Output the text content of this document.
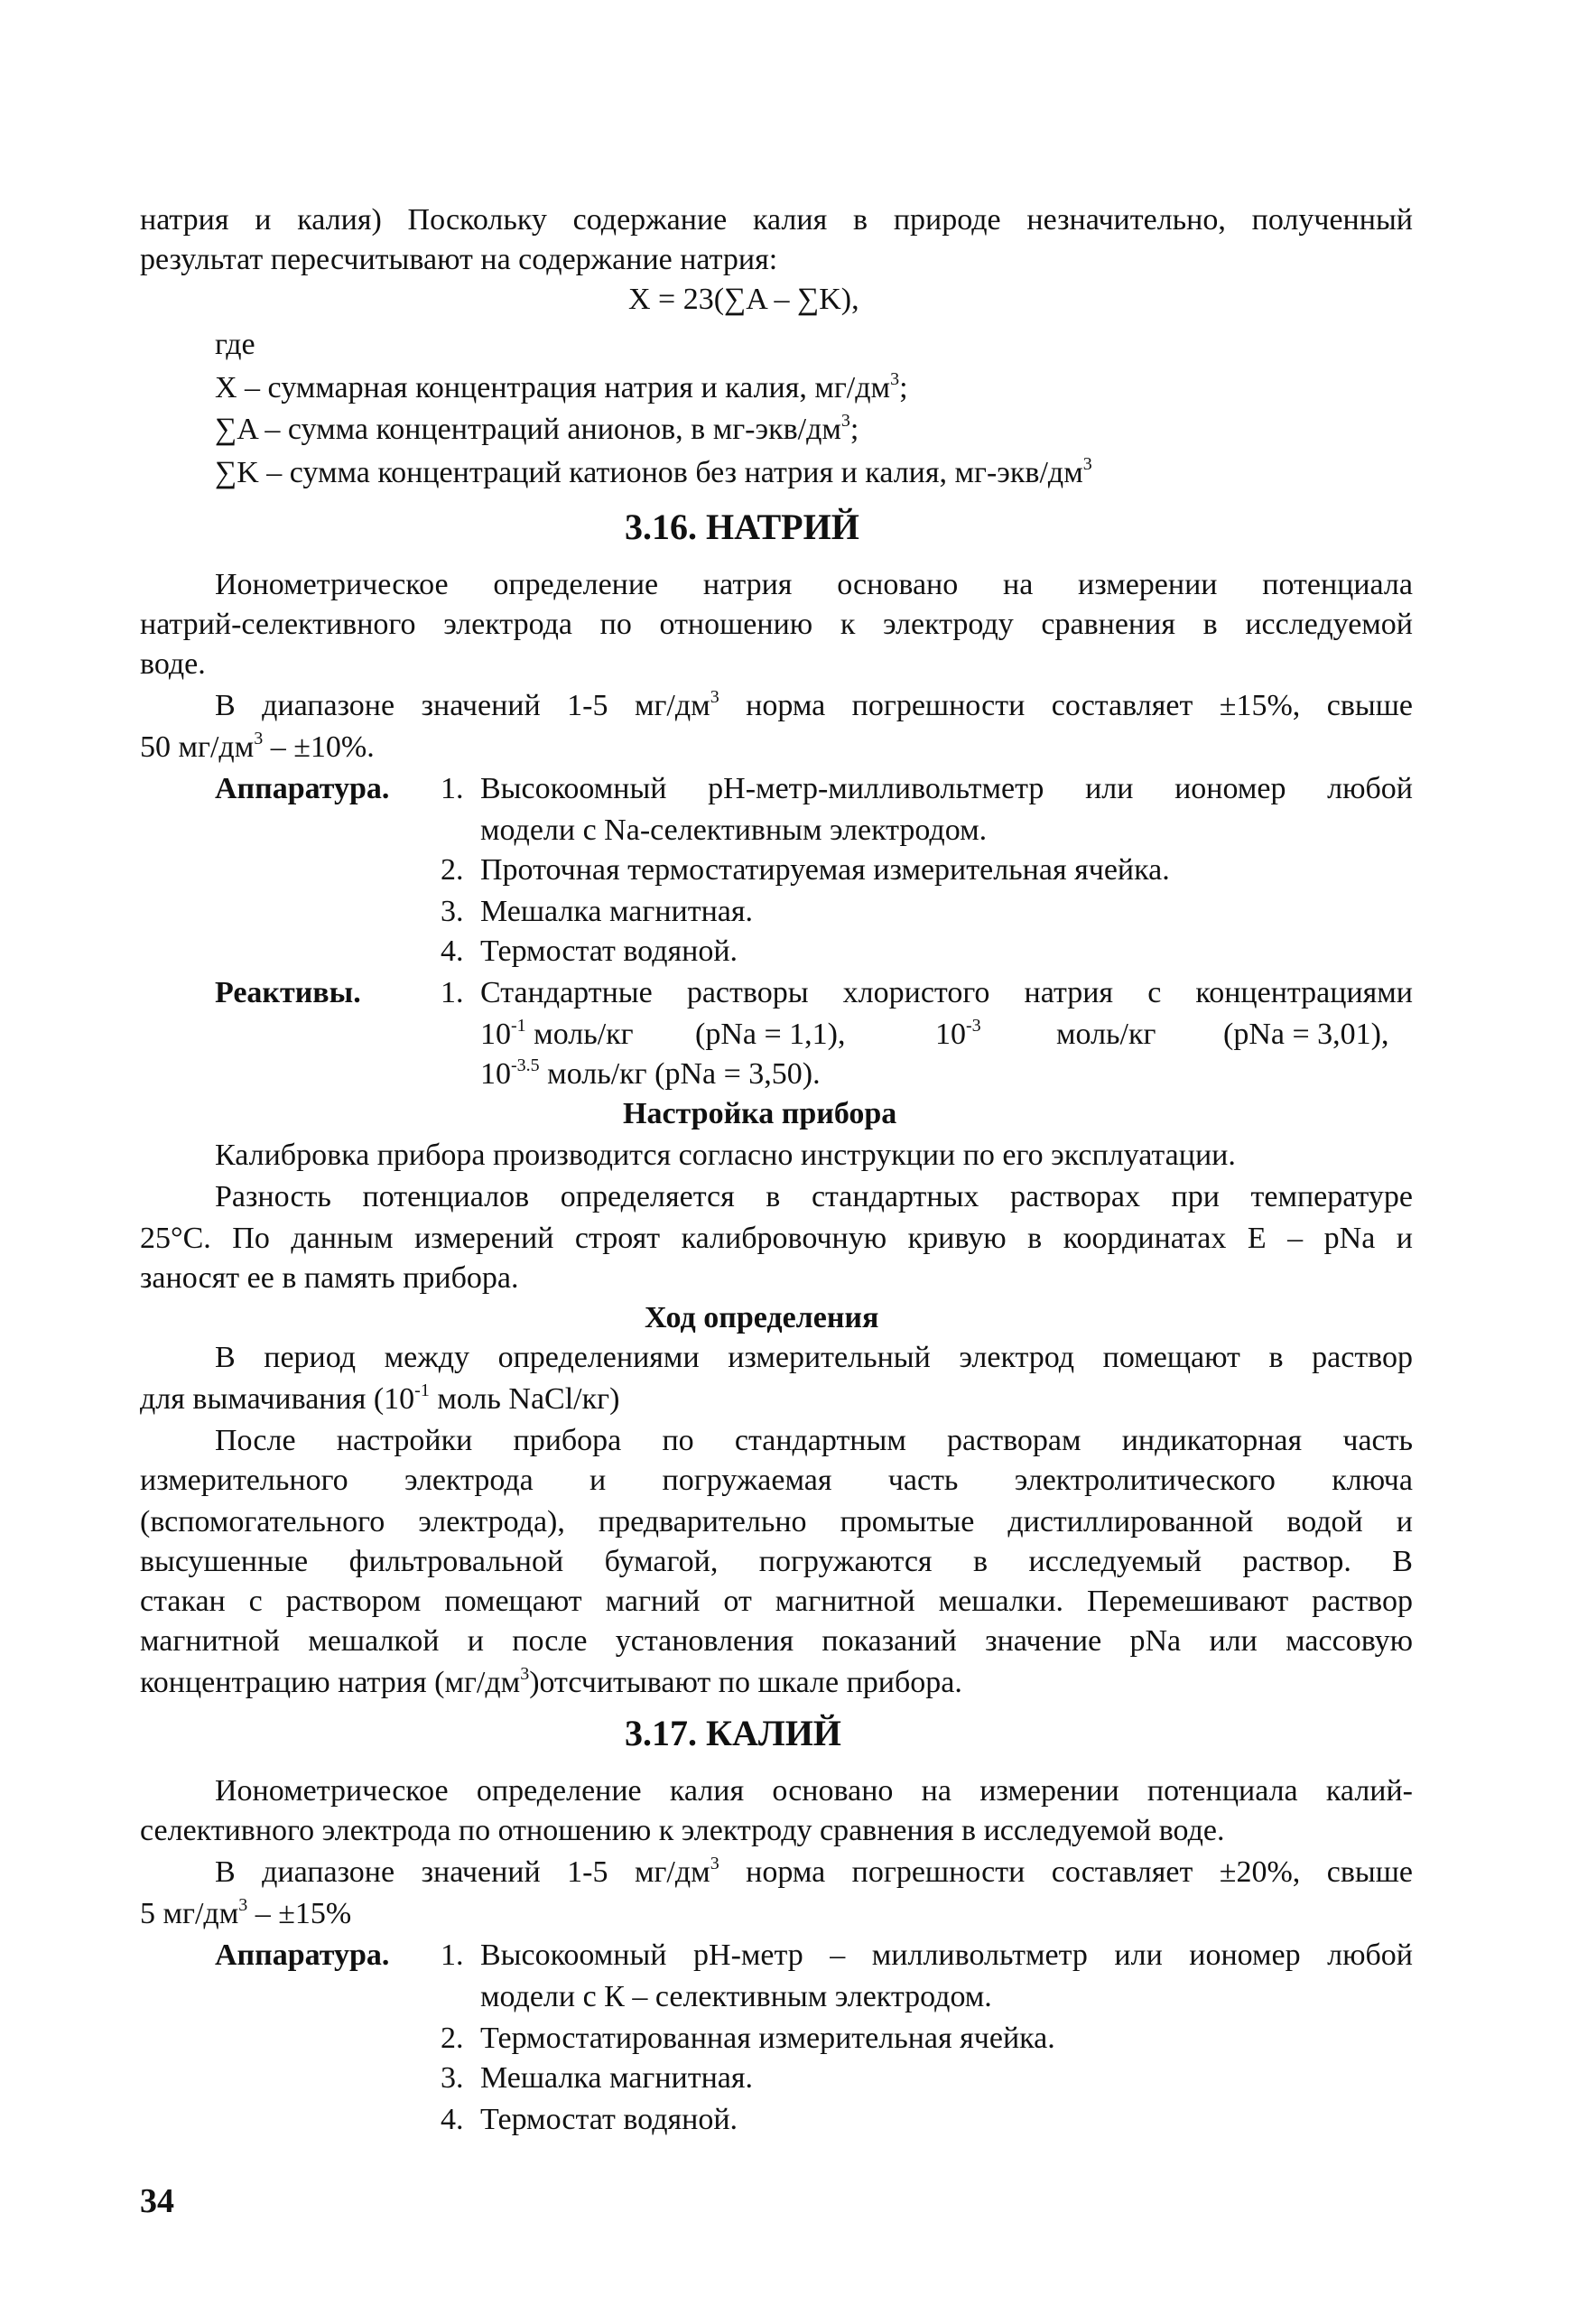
натрия и калия) Поскольку содержание калия в природе незначительно, полученный
результат пересчитывают на содержание натрия:
X = 23(∑A – ∑K),
где
X – суммарная концентрация натрия и калия, $мг/дм^3$;
∑A – сумма концентраций анионов, в $мг-экв/дм^3$;
∑K – сумма концентраций катионов без натрия и калия, $мг-экв/дм^3$
3.16. НАТРИЙ
Ионометрическое определение натрия основано на измерении потенциала
натрий-селективного электрода по отношению к электроду сравнения в исследуемой
воде.
В диапазоне значений 1-5 $мг/дм^3$ норма погрешности составляет ±15%, свыше
50 $мг/дм^3 - \pm 10\%$.
Аппаратура. 1. Высокоомный pH-метр-милливольтметр или иономер любой
модели с Na-селективным электродом.
2. Проточная термостатируемая измерительная ячейка.
3. Мешалка магнитная.
4. Термостат водяной.
Реактивы.	1. Стандартные растворы хлористого натрия с концентрациями
$10^{-1}$ моль/кг (pNa = 1,1),	$10^{-3}$ моль/кг (pNa = 3,01),
$10^{-3.5}$ моль/кг (pNa = 3,50).
Настройка прибора
Калибровка прибора производится согласно инструкции по его эксплуатации.
Разность потенциалов определяется в стандартных растворах при температуре
25°С. По данным измерений строят калибровочную кривую в координатах Е – pNa и
заносят ее в память прибора.
Ход определения
В период между определениями измерительный электрод помещают в раствор
для вымачивания ($10^{-1}$ моль NaCl/кг)
После настройки прибора по стандартным растворам индикаторная часть
измерительного электрода и погружаемая часть электролитического ключа
(вспомогательного электрода), предварительно промытые дистиллированной водой и
высушенные фильтровальной бумагой, погружаются в исследуемый раствор. В
стакан с раствором помещают магний от магнитной мешалки. Перемешивают раствор
магнитной мешалкой и после установления показаний значение pNa или массовую
концентрацию натрия $(мг/дм^3)отсчитывают$ по шкале прибора.
3.17. КАЛИЙ
Ионометрическое определение калия основано на измерении потенциала калий-
селективного электрода по отношению к электроду сравнения в исследуемой воде.
В диапазоне значений 1-5 $мг/дм^3$ норма погрешности составляет ±20%, свыше
5 $мг/дм^3 - \pm 15\%$
Аппаратура. 1. Высокоомный pH-метр – милливольтметр или иономер любой
модели с К – селективным электродом.
2. Термостатированная измерительная ячейка.
3. Мешалка магнитная.
4. Термостат водяной.
34
